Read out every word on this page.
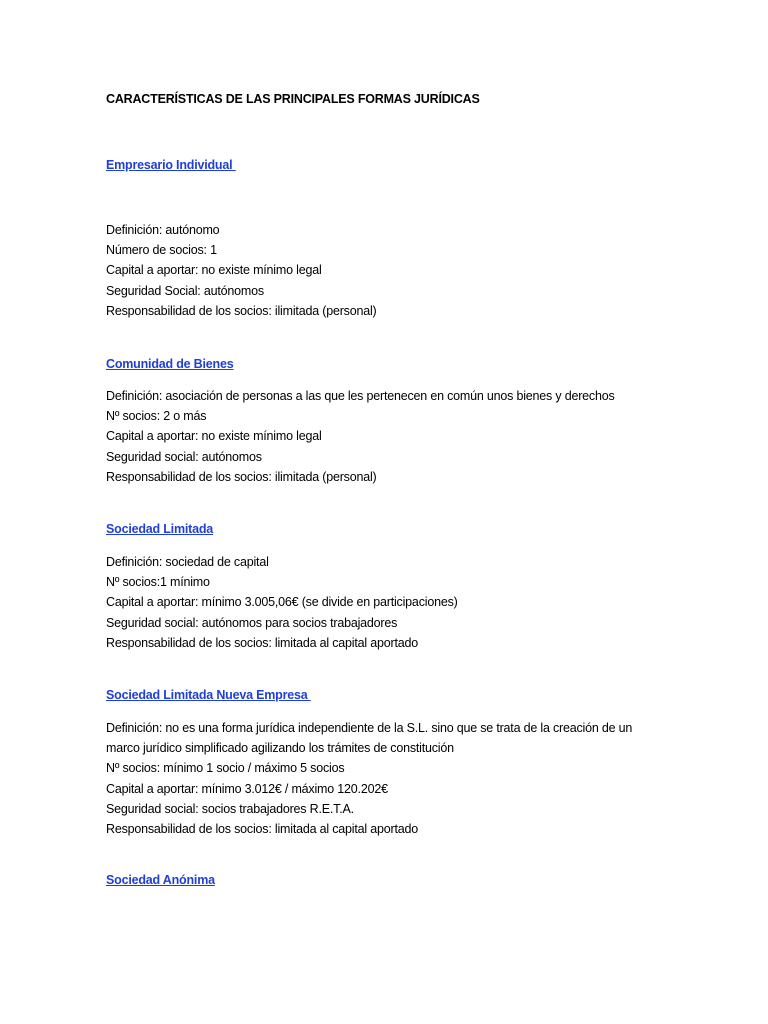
CARACTERÍSTICAS DE LAS PRINCIPALES FORMAS JURÍDICAS
Empresario Individual
Definición: autónomo
Número de socios: 1
Capital a aportar: no existe mínimo legal
Seguridad Social: autónomos
Responsabilidad de los socios: ilimitada (personal)
Comunidad de Bienes
Definición: asociación de personas a las que les pertenecen en común unos bienes y derechos
Nº socios: 2 o más
Capital a aportar: no existe mínimo legal
Seguridad social: autónomos
Responsabilidad de los socios: ilimitada (personal)
Sociedad Limitada
Definición: sociedad de capital
Nº socios:1 mínimo
Capital a aportar: mínimo 3.005,06€ (se divide en participaciones)
Seguridad social: autónomos para socios trabajadores
Responsabilidad de los socios: limitada al capital aportado
Sociedad Limitada Nueva Empresa
Definición: no es una forma jurídica independiente de la S.L. sino que se trata de la creación de un
marco jurídico simplificado agilizando los trámites de constitución
Nº socios: mínimo 1 socio / máximo 5 socios
Capital a aportar: mínimo 3.012€ / máximo 120.202€
Seguridad social: socios trabajadores R.E.T.A.
Responsabilidad de los socios: limitada al capital aportado
Sociedad Anónima
